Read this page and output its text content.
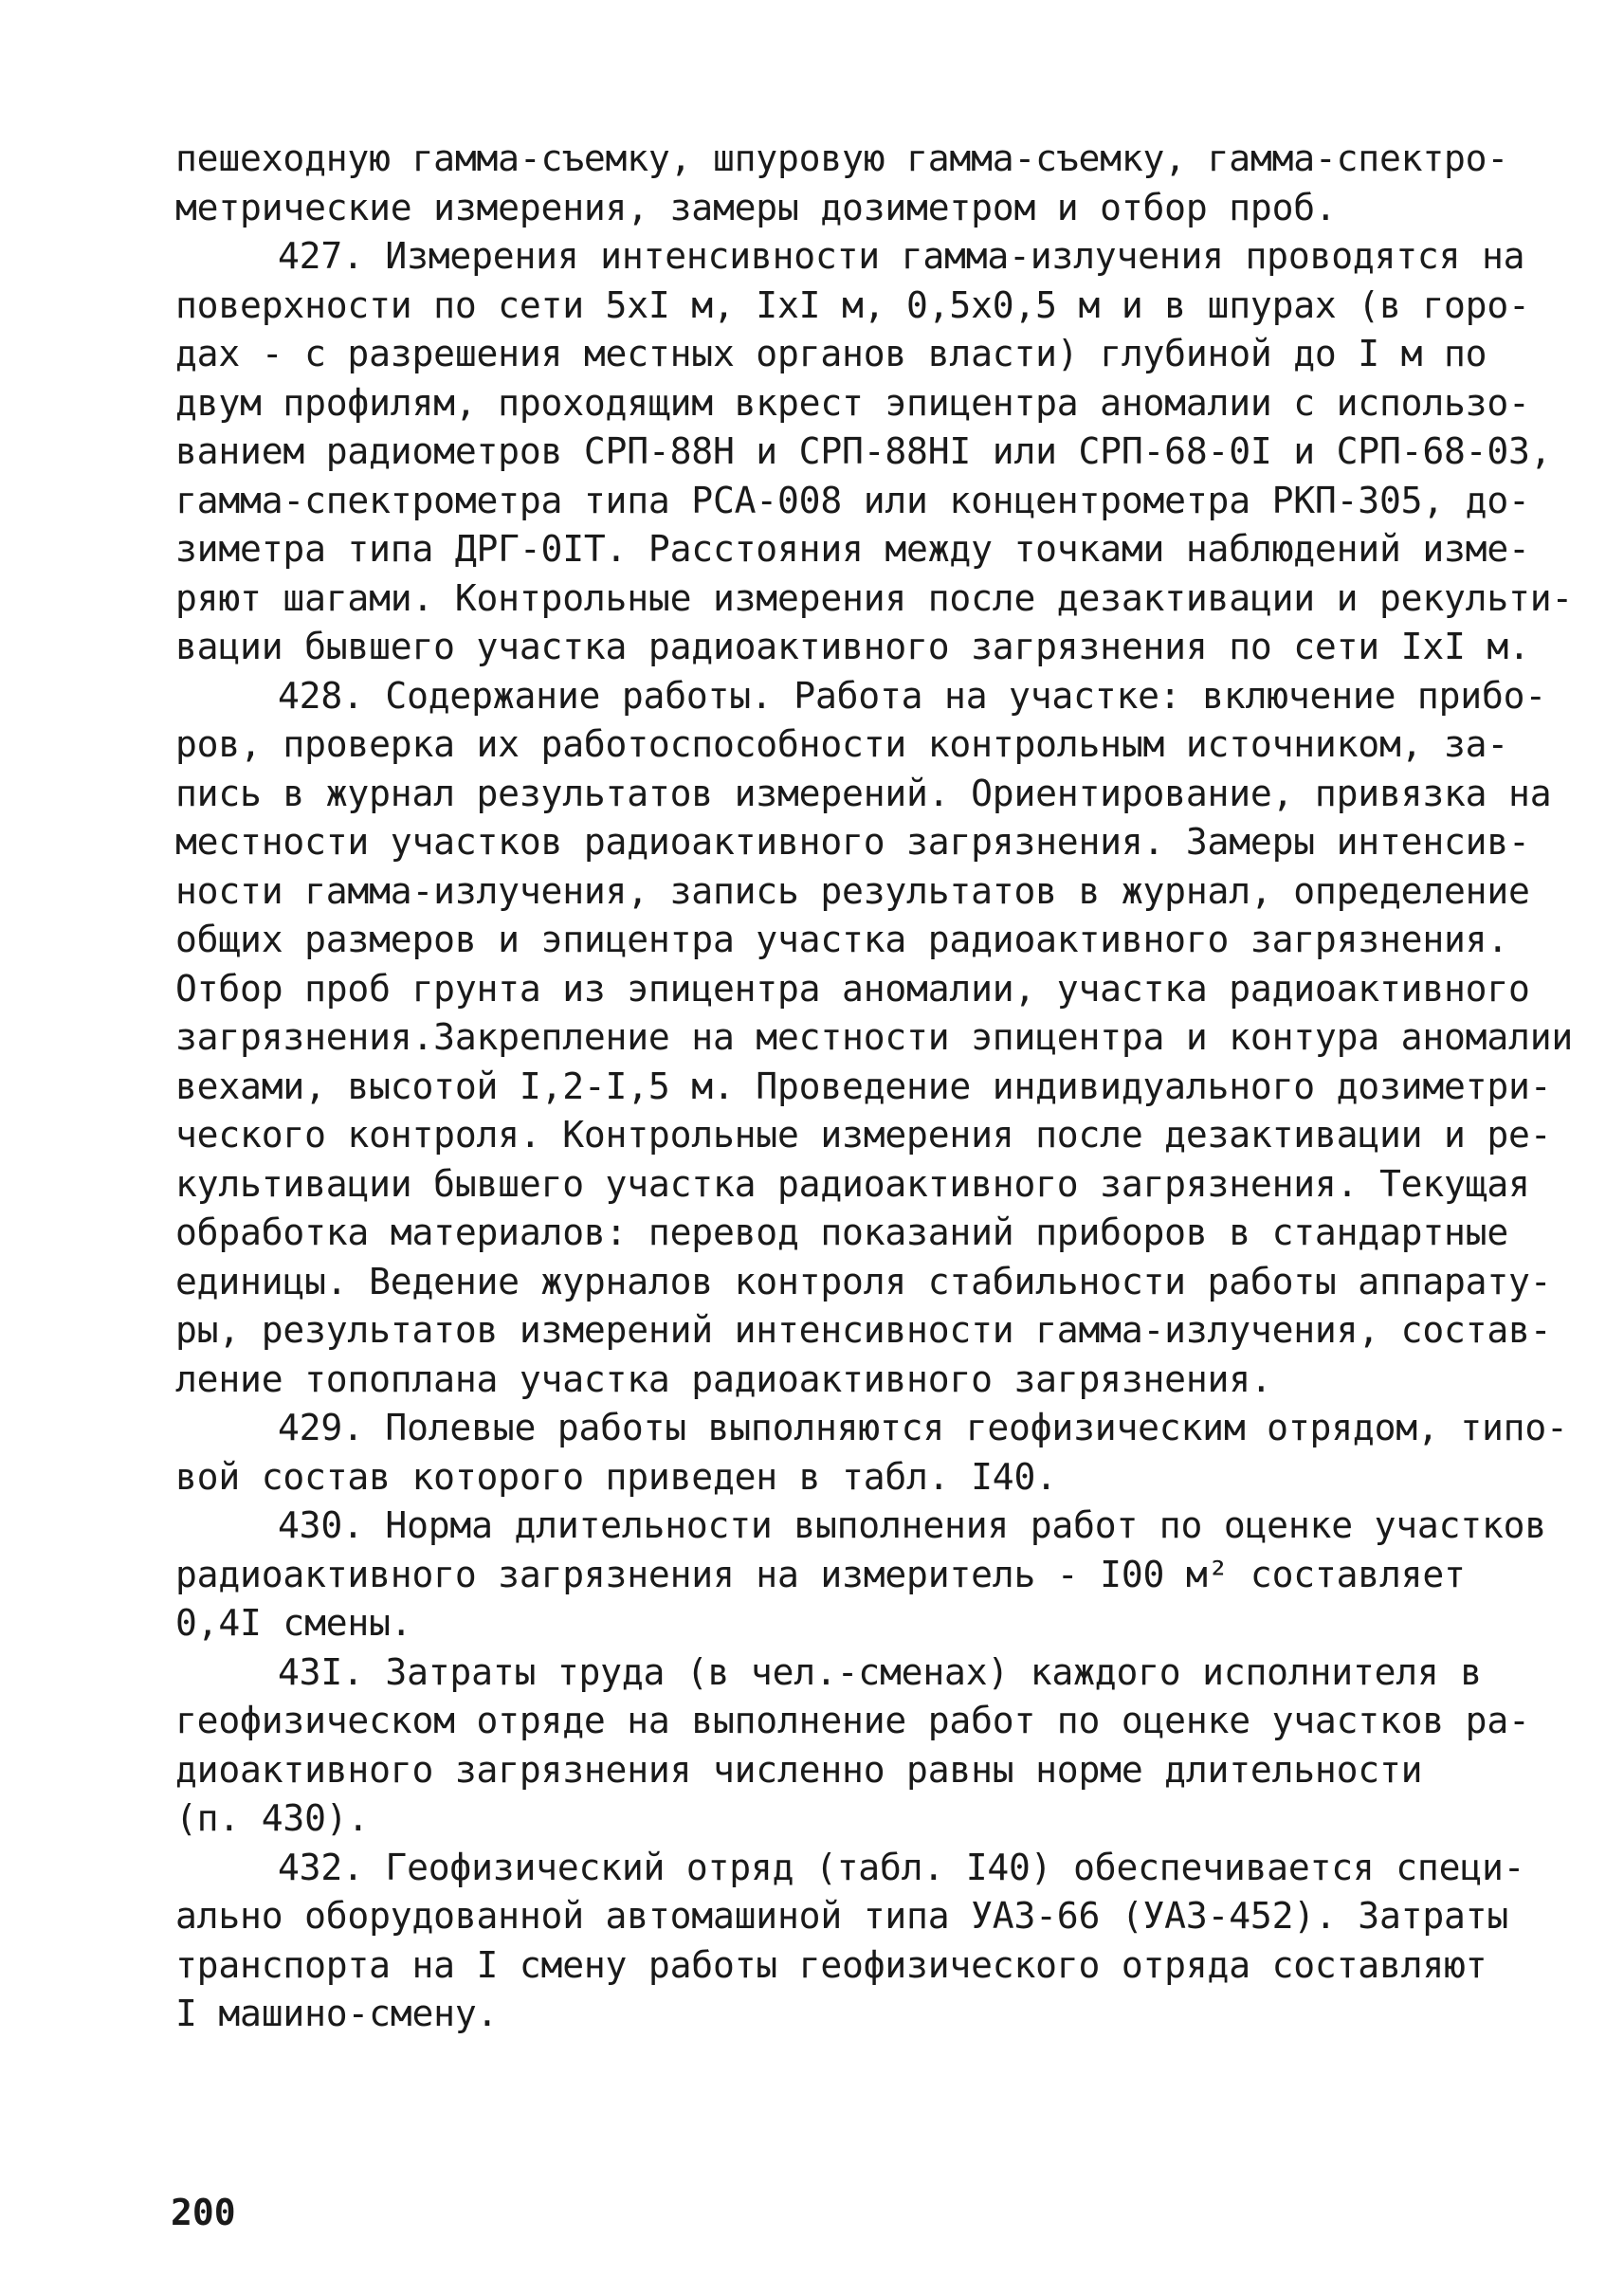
пешеходную гамма-съемку, шпуровую гамма-съемку, гамма-спектро-
метрические измерения, замеры дозиметром и отбор проб.
427. Измерения интенсивности гамма-излучения проводятся на
поверхности по сети 5xI м, IxI м, 0,5x0,5 м и в шпурах (в горо-
дах - с разрешения местных органов власти) глубиной до I м по
двум профилям, проходящим вкрест эпицентра аномалии с использо-
ванием радиометров СРП-88Н и СРП-88НI или СРП-68-0I и СРП-68-03,
гамма-спектрометра типа РСА-008 или концентрометра РКП-305, до-
зиметра типа ДРГ-0IТ. Расстояния между точками наблюдений изме-
ряют шагами. Контрольные измерения после дезактивации и рекульти-
вации бывшего участка радиоактивного загрязнения по сети IxI м.
428. Содержание работы. Работа на участке: включение прибо-
ров, проверка их работоспособности контрольным источником, за-
пись в журнал результатов измерений. Ориентирование, привязка на
местности участков радиоактивного загрязнения. Замеры интенсив-
ности гамма-излучения, запись результатов в журнал, определение
общих размеров и эпицентра участка радиоактивного загрязнения.
Отбор проб грунта из эпицентра аномалии, участка радиоактивного
загрязнения.Закрепление на местности эпицентра и контура аномалии
вехами, высотой I,2-I,5 м. Проведение индивидуального дозиметри-
ческого контроля. Контрольные измерения после дезактивации и ре-
культивации бывшего участка радиоактивного загрязнения. Текущая
обработка материалов: перевод показаний приборов в стандартные
единицы. Ведение журналов контроля стабильности работы аппарату-
ры, результатов измерений интенсивности гамма-излучения, состав-
ление топоплана участка радиоактивного загрязнения.
429. Полевые работы выполняются геофизическим отрядом, типо-
вой состав которого приведен в табл. I40.
430. Норма длительности выполнения работ по оценке участков
радиоактивного загрязнения на измеритель - I00 м² составляет
0,4I смены.
43I. Затраты труда (в чел.-сменах) каждого исполнителя в
геофизическом отряде на выполнение работ по оценке участков ра-
диоактивного загрязнения численно равны норме длительности
(п. 430).
432. Геофизический отряд (табл. I40) обеспечивается специ-
ально оборудованной автомашиной типа УАЗ-66 (УАЗ-452). Затраты
транспорта на I смену работы геофизического отряда составляют
I машино-смену.
200
